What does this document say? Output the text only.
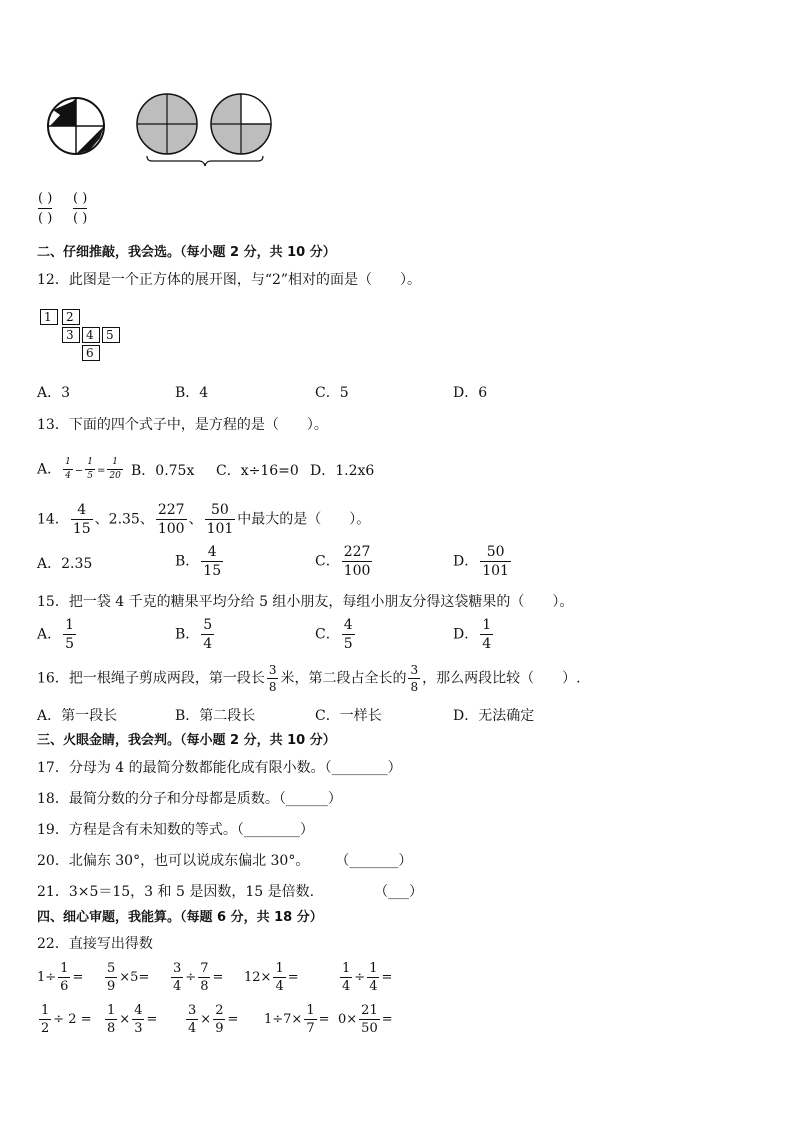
( )
( )
( )
( )
二、仔细推敲，我会选。（每小题 2 分，共 10 分）
12．此图是一个正方体的展开图，与“2”相对的面是（　　）。
1	2
3	4	5
6
A．3	B．4	C．5	D．6
13．下面的四个式子中，是方程的是（　　）。
A． $\frac{1}{4} - \frac{1}{5} = \frac{1}{20}$ B．0.75x C．x÷16=0 D．1.2x6
14． $\frac{4}{15}$ 、2.35、 $\frac{227}{100}$ 、 $\frac{50}{101}$ 中最大的是（　　）。
A．2.35	B． $\frac{4}{15}$	C． $\frac{227}{100}$	D． $\frac{50}{101}$
15．把一袋 4 千克的糖果平均分给 5 组小朋友，每组小朋友分得这袋糖果的（　　）。
A． $\frac{1}{5}$	B． $\frac{5}{4}$	C． $\frac{4}{5}$	D． $\frac{1}{4}$
16．把一根绳子剪成两段，第一段长 $\frac{3}{8}$ 米，第二段占全长的 $\frac{3}{8}$ ，那么两段比较（　　）.
A．第一段长	B．第二段长	C．一样长	D．无法确定
三、火眼金睛，我会判。（每小题 2 分，共 10 分）
17．分母为 4 的最简分数都能化成有限小数。（________）
18．最简分数的分子和分母都是质数。（______）
19．方程是含有未知数的等式。（________）
20．北偏东 30°，也可以说成东偏北 30°。 （_______）
21．3×5＝15，3 和 5 是因数，15 是倍数.	（___）
四、细心审题，我能算。（每题 6 分，共 18 分）
22．直接写出得数
$1\div \frac{1}{6} = \frac{5}{9} \times 5= \frac{3}{4} \div \frac{7}{8} = 12\times \frac{1}{4}$ =	$\frac{1}{4} \div \frac{1}{4}$ =
$\frac{1}{2} \div 2 = \frac{1}{8} \times \frac{4}{3} = \frac{3}{4} \times \frac{2}{9} = 1\div 7\times \frac{1}{7} = 0\times \frac{21}{50}$ =
